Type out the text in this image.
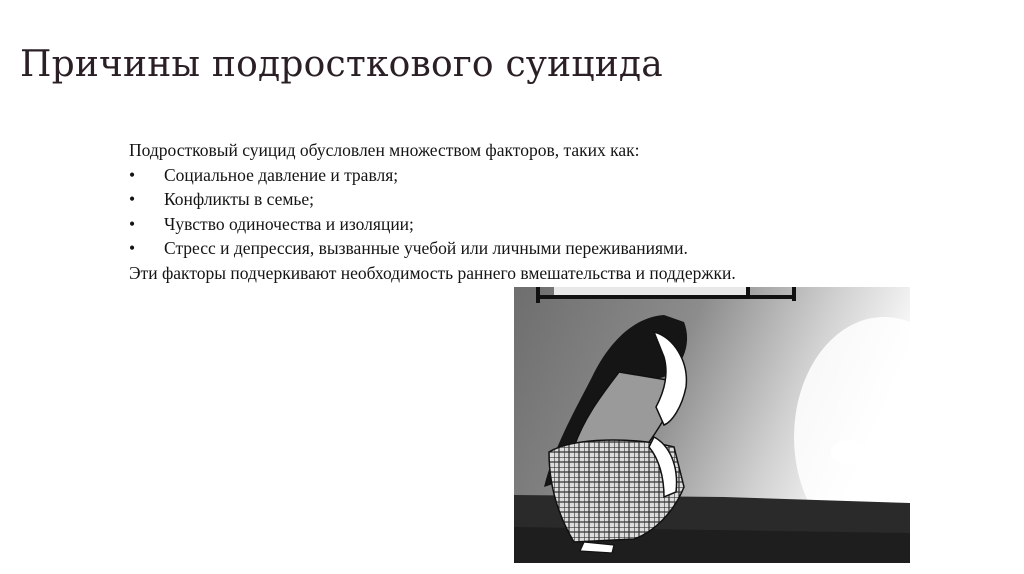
Причины подросткового суицида

Подростковый суицид обусловлен множеством факторов, таких как:

• Социальное давление и травля;
• Конфликты в семье;
• Чувство одиночества и изоляции;
• Стресс и депрессия, вызванные учебой или личными переживаниями.

Эти факторы подчеркивают необходимость раннего вмешательства и поддержки.
